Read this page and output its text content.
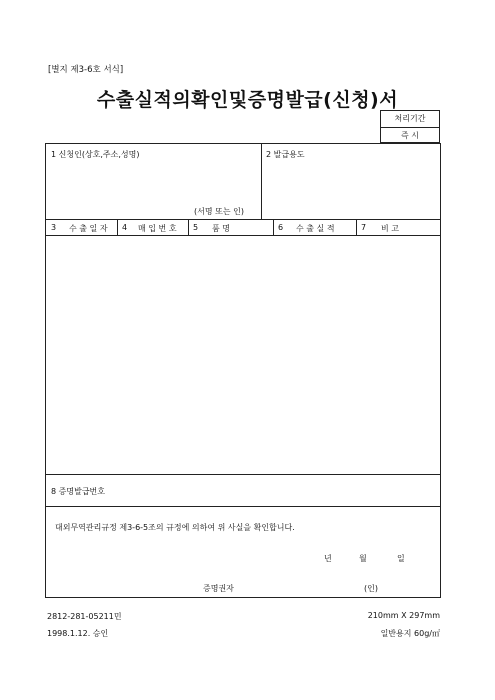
[별지 제3-6호 서식]
수출실적의확인및증명발급(신청)서
처리기간
즉 시
1 신청인(상호,주소,성명)
(서명 또는 인)
2 발급용도
3 수 출 일 자 4 매 입 번 호 5 품 명	6 수 출 실 적	7 비 고
8 증명발급번호
대외무역관리규정 제3-6-5조의 규정에 의하여 위 사실을 확인합니다.
년	월	일
증명권자	(인)
2812-281-05211민
1998.1.12. 승인
210mm X 297mm
일반용지 60g/㎡
